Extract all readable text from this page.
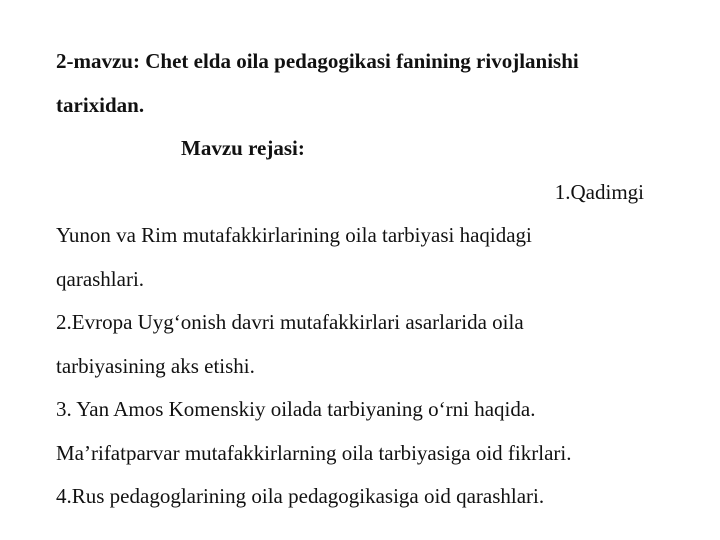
2-mavzu: Chet elda oila pedagogikasi fanining rivojlanishi
tarixidan.
Mavzu rejasi:
1.Qadimgi
Yunon va Rim mutafakkirlarining oila tarbiyasi haqidagi
qarashlari.
2.Evropa Uyg‘onish davri mutafakkirlari asarlarida oila
tarbiyasining aks etishi.
3. Yan Amos Komenskiy oilada tarbiyaning o‘rni haqida.
Ma’rifatparvar mutafakkirlarning oila tarbiyasiga oid fikrlari.
4.Rus pedagoglarining oila pedagogikasiga oid qarashlari.
